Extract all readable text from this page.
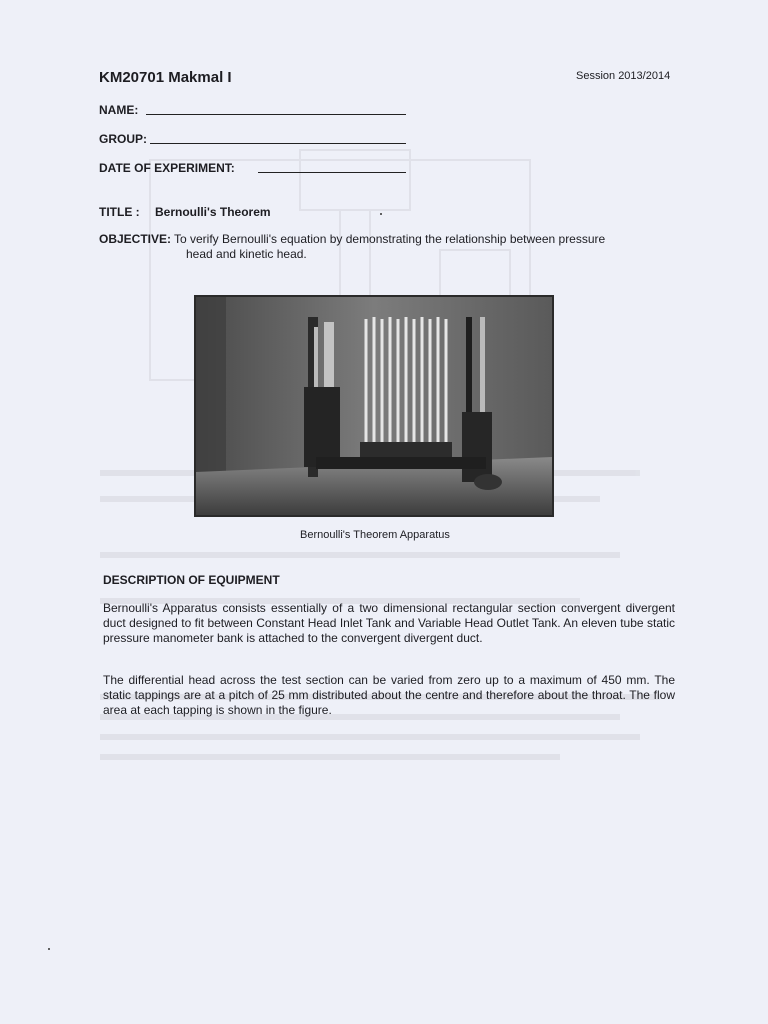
KM20701 Makmal I	Session 2013/2014
NAME:
GROUP:
DATE OF EXPERIMENT:
TITLE : Bernoulli's Theorem
OBJECTIVE: To verify Bernoulli's equation by demonstrating the relationship between pressure
head and kinetic head.
Bernoulli's Theorem Apparatus
DESCRIPTION OF EQUIPMENT
Bernoulli's Apparatus consists essentially of a two dimensional rectangular section convergent divergent duct designed to fit between Constant Head Inlet Tank and Variable Head Outlet Tank. An eleven tube static pressure manometer bank is attached to the convergent divergent duct.
The differential head across the test section can be varied from zero up to a maximum of 450 mm. The static tappings are at a pitch of 25 mm distributed about the centre and therefore about the throat. The flow area at each tapping is shown in the figure.
